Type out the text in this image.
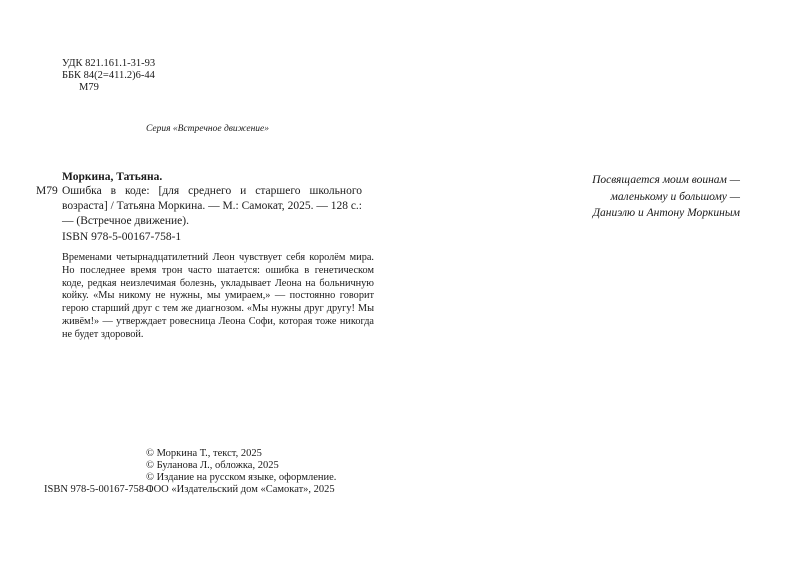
УДК 821.161.1-31-93
ББК 84(2=411.2)6-44
М79
Серия «Встречное движение»
Моркина, Татьяна.
М79 Ошибка в коде: [для среднего и старшего школьного возраста] / Татьяна Моркина. — М.: Самокат, 2025. — 128 с.: — (Встречное движение).
ISBN 978-5-00167-758-1
Временами четырнадцатилетний Леон чувствует себя королём мира. Но последнее время трон часто шатается: ошибка в генетическом коде, редкая неизлечимая болезнь, укладывает Леона на больничную койку. «Мы никому не нужны, мы умираем,» — постоянно говорит герою старший друг с тем же диагнозом. «Мы нужны друг другу! Мы живём!» — утверждает ровесница Леона Софи, которая тоже никогда не будет здоровой.
Посвящается моим воинам —
маленькому и большому —
Даниэлю и Антону Моркиным
© Моркина Т., текст, 2025
© Буланова Л., обложка, 2025
© Издание на русском языке, оформление.
ООО «Издательский дом «Самокат», 2025
ISBN 978-5-00167-758-1
